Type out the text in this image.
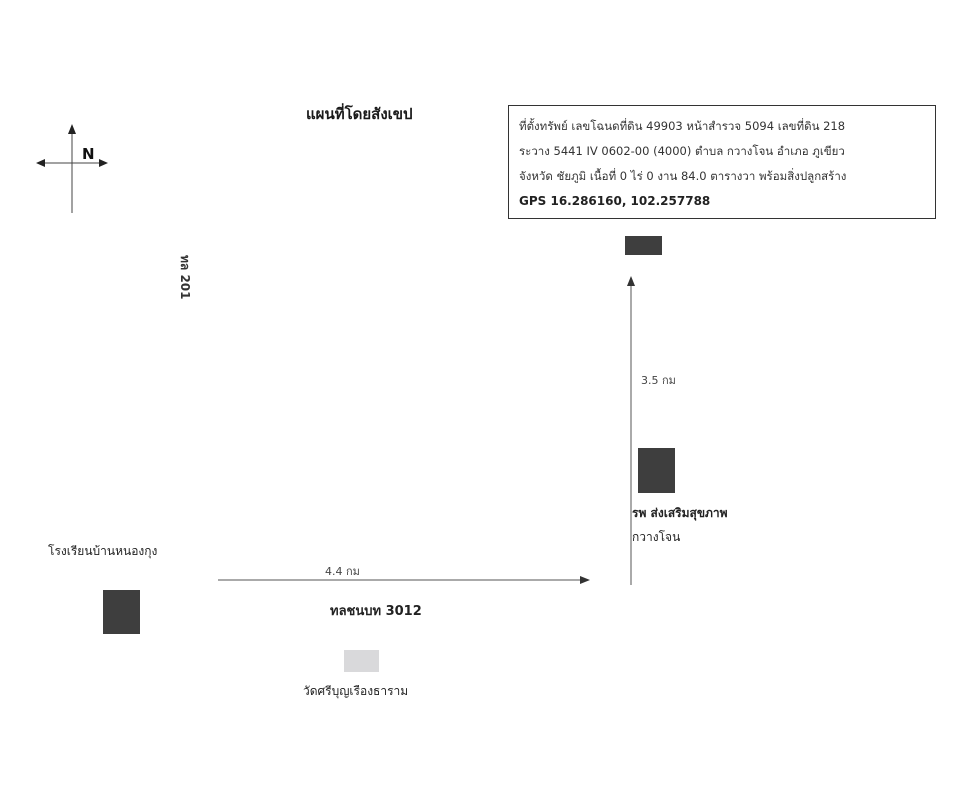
แผนที่โดยสังเขป
N
ที่ตั้งทรัพย์ เลขโฉนดที่ดิน 49903 หน้าสำรวจ 5094 เลขที่ดิน 218
ระวาง 5441 IV 0602-00 (4000) ตำบล กวางโจน อำเภอ ภูเขียว
จังหวัด ชัยภูมิ เนื้อที่ 0 ไร่ 0 งาน 84.0 ตารางวา พร้อมสิ่งปลูกสร้าง
GPS 16.286160, 102.257788
ทล 201
3.5 กม
รพ ส่งเสริมสุขภาพ
กวางโจน
โรงเรียนบ้านหนองกุง
4.4 กม
ทลชนบท 3012
วัดศรีบุญเรืองธาราม
